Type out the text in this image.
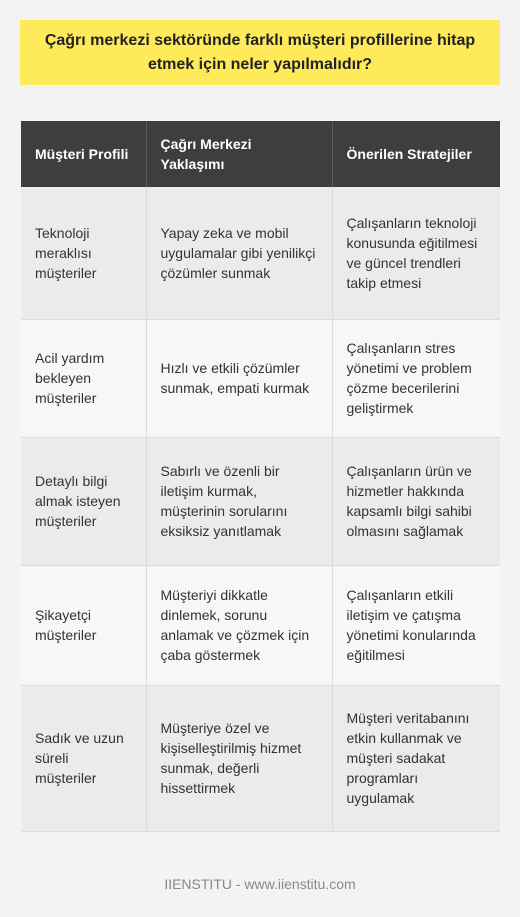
Çağrı merkezi sektöründe farklı müşteri profillerine hitap etmek için neler yapılmalıdır?
Müşteri Profili	Çağrı Merkezi Yaklaşımı	Önerilen Stratejiler
Teknoloji meraklısı müşteriler	Yapay zeka ve mobil uygulamalar gibi yenilikçi çözümler sunmak	Çalışanların teknoloji konusunda eğitilmesi ve güncel trendleri takip etmesi
Acil yardım bekleyen müşteriler	Hızlı ve etkili çözümler sunmak, empati kurmak	Çalışanların stres yönetimi ve problem çözme becerilerini geliştirmek
Detaylı bilgi almak isteyen müşteriler	Sabırlı ve özenli bir iletişim kurmak, müşterinin sorularını eksiksiz yanıtlamak	Çalışanların ürün ve hizmetler hakkında kapsamlı bilgi sahibi olmasını sağlamak
Şikayetçi müşteriler	Müşteriyi dikkatle dinlemek, sorunu anlamak ve çözmek için çaba göstermek	Çalışanların etkili iletişim ve çatışma yönetimi konularında eğitilmesi
Sadık ve uzun süreli müşteriler	Müşteriye özel ve kişiselleştirilmiş hizmet sunmak, değerli hissettirmek	Müşteri veritabanını etkin kullanmak ve müşteri sadakat programları uygulamak
IIENSTITU - www.iienstitu.com
